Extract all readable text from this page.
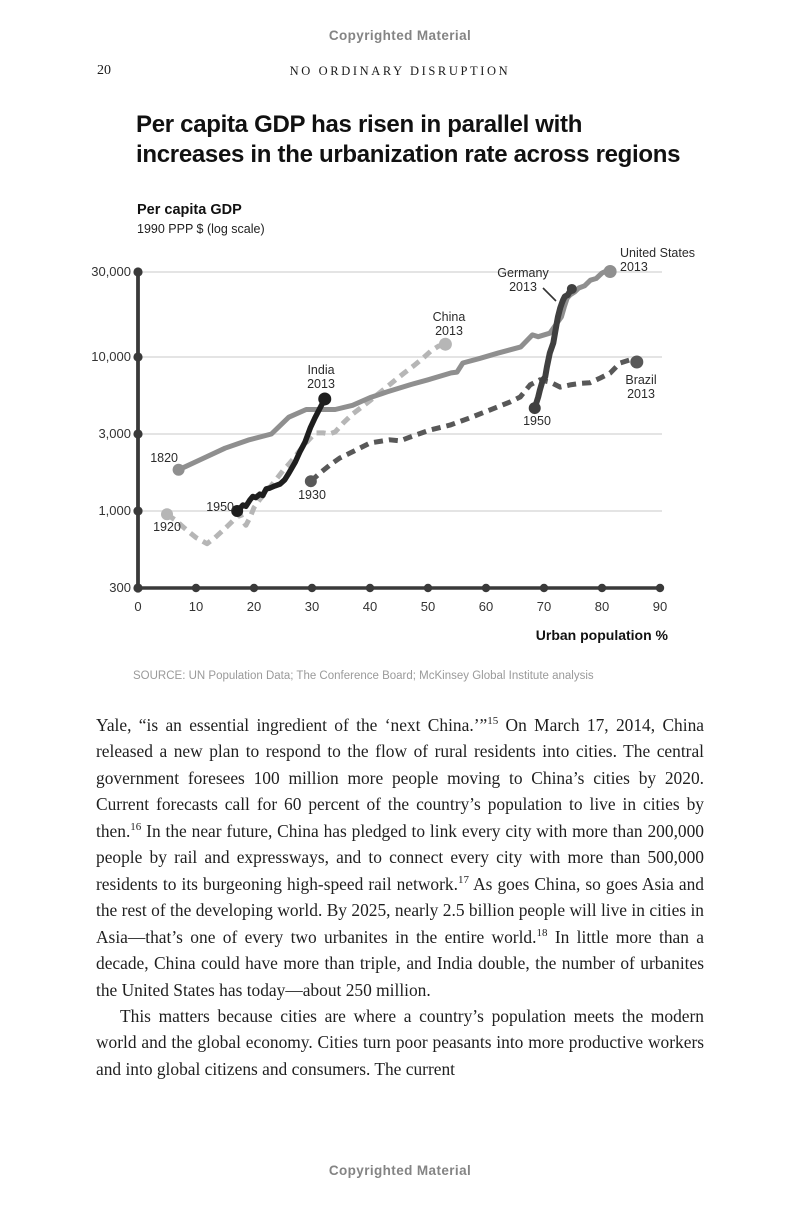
Copyrighted Material
20	NO ORDINARY DISRUPTION
Per capita GDP has risen in parallel with
increases in the urbanization rate across regions
Per capita GDP
1990 PPP $ (log scale)
1820
1920
1950
1930
1950
India
2013
China
2013
Germany
2013
United States
2013
Brazil
2013
Urban population %
SOURCE: UN Population Data; The Conference Board; McKinsey Global Institute analysis

Yale, “is an essential ingredient of the ‘next China.’”$^{15}$ On March 17, 2014, China released a new plan to respond to the flow of rural residents into cities. The central government foresees 100 million more people moving to China’s cities by 2020. Current forecasts call for 60 percent of the country’s population to live in cities by then.$^{16}$ In the near future, China has pledged to link every city with more than 200,000 people by rail and expressways, and to connect every city with more than 500,000 residents to its burgeoning high-speed rail network.$^{17}$ As goes China, so goes Asia and the rest of the developing world. By 2025, nearly 2.5 billion people will live in cities in Asia—that’s one of every two urbanites in the entire world.$^{18}$ In little more than a decade, China could have more than triple, and India double, the number of urbanites the United States has today—about 250 million.

This matters because cities are where a country’s population meets the modern world and the global economy. Cities turn poor peasants into more productive workers and into global citizens and consumers. The current

Copyrighted Material
300
1,000
3,000
10,000
30,000
0	10	20	30	40	50	60	70	80	90
